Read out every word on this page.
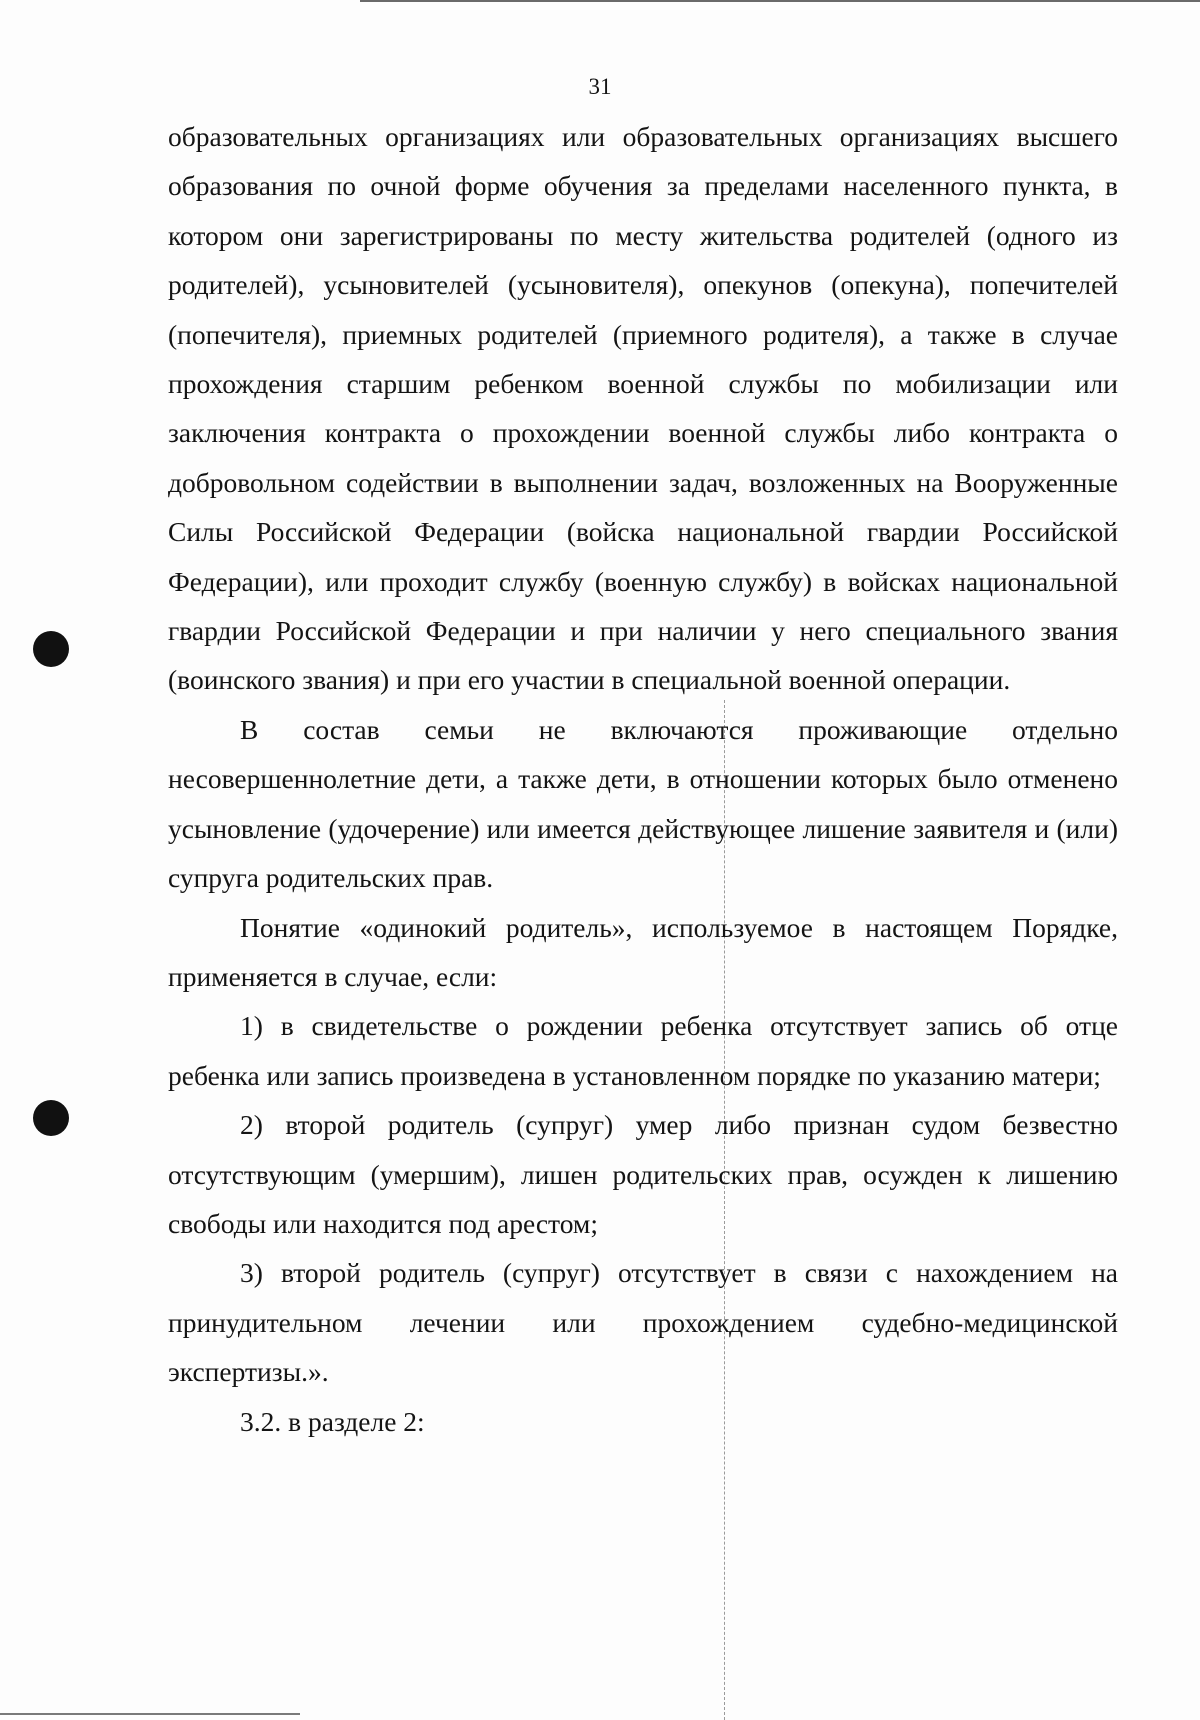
31

образовательных организациях или образовательных организациях высшего образования по очной форме обучения за пределами населенного пункта, в котором они зарегистрированы по месту жительства родителей (одного из родителей), усыновителей (усыновителя), опекунов (опекуна), попечителей (попечителя), приемных родителей (приемного родителя), а также в случае прохождения старшим ребенком военной службы по мобилизации или заключения контракта о прохождении военной службы либо контракта о добровольном содействии в выполнении задач, возложенных на Вооруженные Силы Российской Федерации (войска национальной гвардии Российской Федерации), или проходит службу (военную службу) в войсках национальной гвардии Российской Федерации и при наличии у него специального звания (воинского звания) и при его участии в специальной военной операции.

В состав семьи не включаются проживающие отдельно несовершеннолетние дети, а также дети, в отношении которых было отменено усыновление (удочерение) или имеется действующее лишение заявителя и (или) супруга родительских прав.

Понятие «одинокий родитель», используемое в настоящем Порядке, применяется в случае, если:

1) в свидетельстве о рождении ребенка отсутствует запись об отце ребенка или запись произведена в установленном порядке по указанию матери;

2) второй родитель (супруг) умер либо признан судом безвестно отсутствующим (умершим), лишен родительских прав, осужден к лишению свободы или находится под арестом;

3) второй родитель (супруг) отсутствует в связи с нахождением на принудительном лечении или прохождением судебно-медицинской экспертизы.».

3.2. в разделе 2:
